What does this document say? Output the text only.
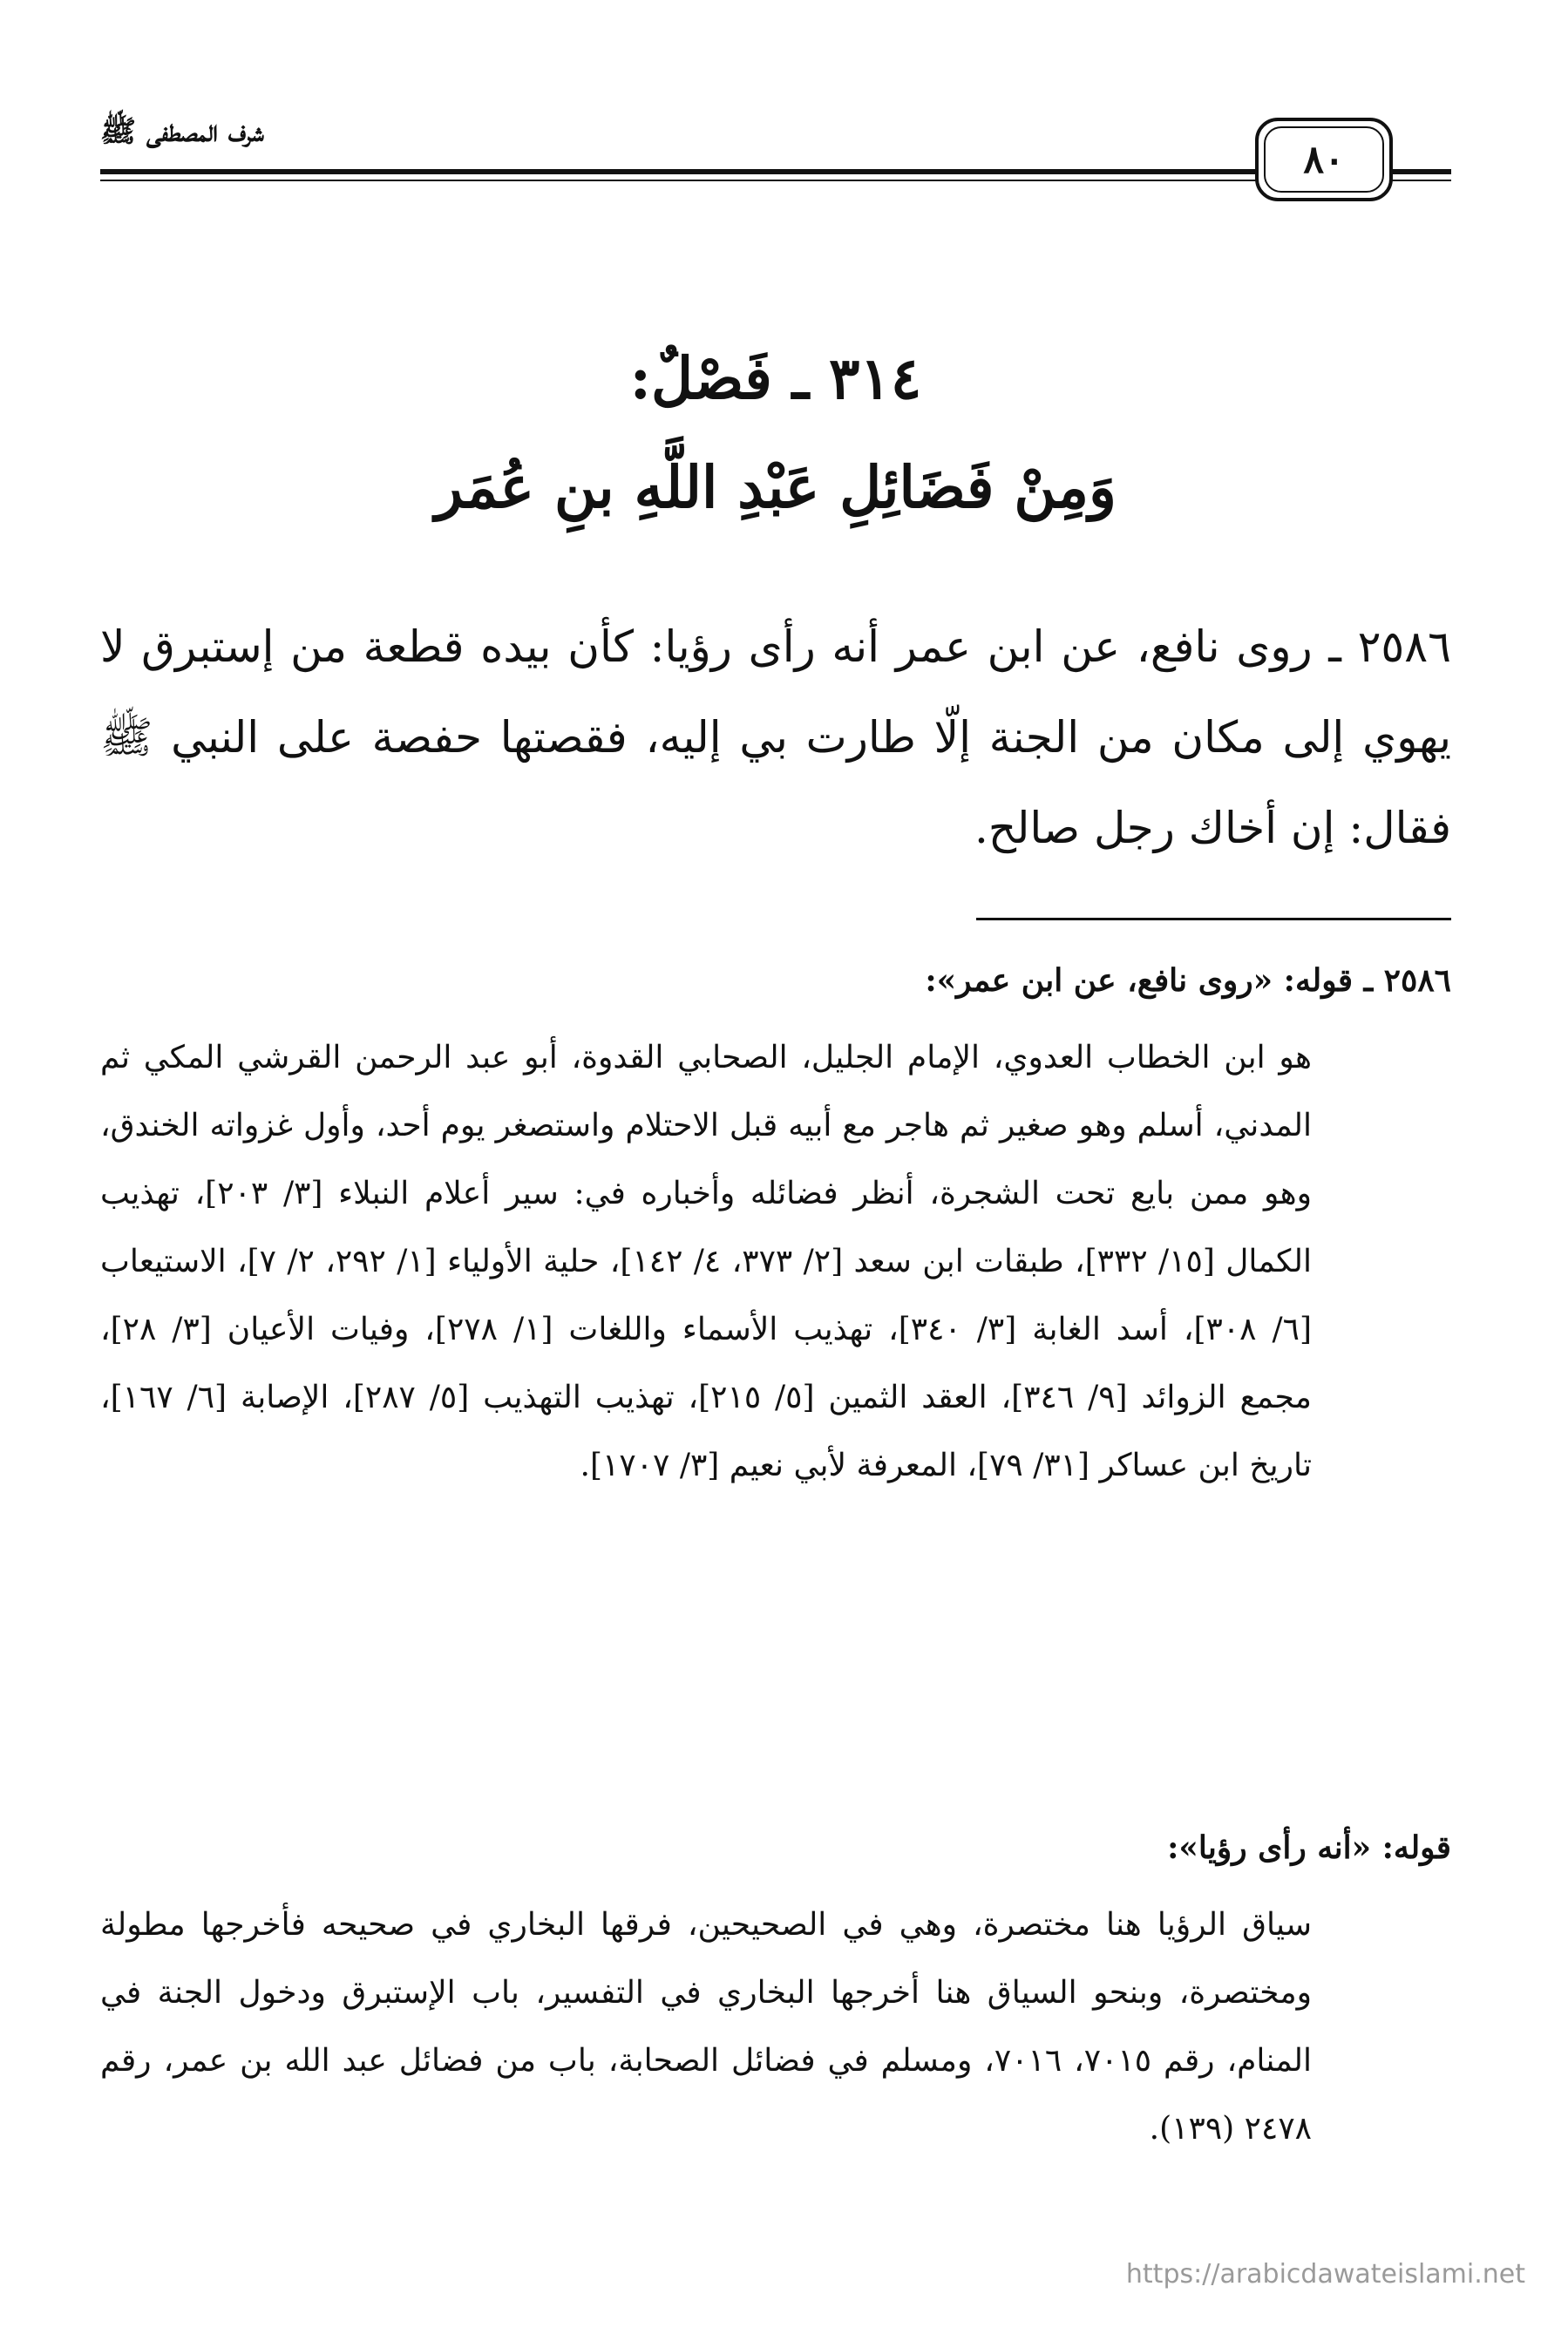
شرف المصطفى ﷺ
٨٠
٣١٤ ـ فَصْلٌ:
وَمِنْ فَضَائِلِ عَبْدِ اللَّهِ بنِ عُمَر
٢٥٨٦ ـ روى نافع، عن ابن عمر أنه رأى رؤيا: كأن بيده قطعة من إستبرق لا يهوي إلى مكان من الجنة إلّا طارت بي إليه، فقصتها حفصة على النبي ﷺ فقال: إن أخاك رجل صالح.
٢٥٨٦ ـ قوله: «روى نافع، عن ابن عمر»:
هو ابن الخطاب العدوي، الإمام الجليل، الصحابي القدوة، أبو عبد الرحمن القرشي المكي ثم المدني، أسلم وهو صغير ثم هاجر مع أبيه قبل الاحتلام واستصغر يوم أحد، وأول غزواته الخندق، وهو ممن بايع تحت الشجرة، أنظر فضائله وأخباره في: سير أعلام النبلاء [٣/ ٢٠٣]، تهذيب الكمال [١٥/ ٣٣٢]، طبقات ابن سعد [٢/ ٣٧٣، ٤/ ١٤٢]، حلية الأولياء [١/ ٢٩٢، ٢/ ٧]، الاستيعاب [٦/ ٣٠٨]، أسد الغابة [٣/ ٣٤٠]، تهذيب الأسماء واللغات [١/ ٢٧٨]، وفيات الأعيان [٣/ ٢٨]، مجمع الزوائد [٩/ ٣٤٦]، العقد الثمين [٥/ ٢١٥]، تهذيب التهذيب [٥/ ٢٨٧]، الإصابة [٦/ ١٦٧]، تاريخ ابن عساكر [٣١/ ٧٩]، المعرفة لأبي نعيم [٣/ ١٧٠٧].
قوله: «أنه رأى رؤيا»:
سياق الرؤيا هنا مختصرة، وهي في الصحيحين، فرقها البخاري في صحيحه فأخرجها مطولة ومختصرة، وبنحو السياق هنا أخرجها البخاري في التفسير، باب الإستبرق ودخول الجنة في المنام، رقم ٧٠١٥، ٧٠١٦، ومسلم في فضائل الصحابة، باب من فضائل عبد الله بن عمر، رقم ٢٤٧٨ (١٣٩).
https://arabicdawateislami.net
